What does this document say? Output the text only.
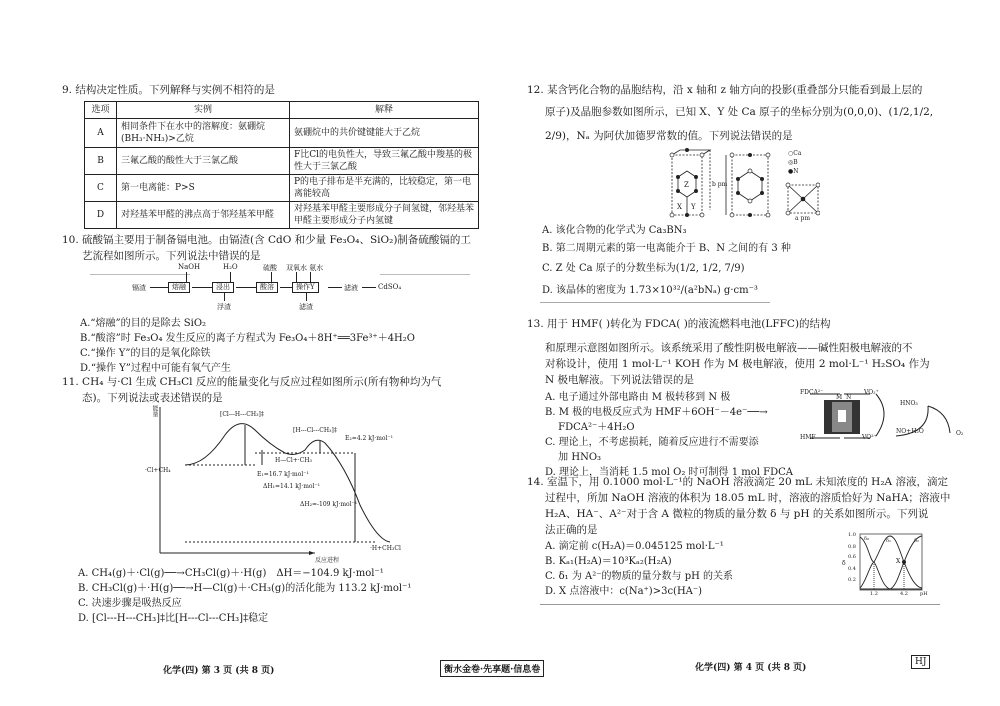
9. 结构决定性质。下列解释与实例不相符的是
选项	实例	解释
A	相同条件下在水中的溶解度：氨硼烷(BH₃·NH₃)>乙烷	氨硼烷中的共价键键能大于乙烷
B	三氟乙酸的酸性大于三氯乙酸	F比Cl的电负性大，导致三氟乙酸中羧基的极性大于三氯乙酸
C	第一电离能：P>S	P的电子排布是半充满的，比较稳定，第一电离能较高
D	对羟基苯甲醛的沸点高于邻羟基苯甲醛	对羟基苯甲醛主要形成分子间氢键，邻羟基苯甲醛主要形成分子内氢键
10. 硫酸镉主要用于制备镉电池。由镉渣(含 CdO 和少量 Fe₃O₄、SiO₂)制备硫酸镉的工
艺流程如图所示。下列说法中错误的是
NaOH	H₂O	硫酸 双氧水 氨水
镉渣	熔融	浸出	酸溶	操作Y	滤液	CdSO₄
浮渣	滤渣
A.“熔融”的目的是除去 SiO₂
B.“酸溶”时 Fe₃O₄ 发生反应的离子方程式为 Fe₃O₄＋8H⁺══3Fe³⁺＋4H₂O
C.“操作 Y”的目的是氧化除铁
D.“操作 Y”过程中可能有氧气产生
11. CH₄ 与·Cl 生成 CH₃Cl 反应的能量变化与反应过程如图所示(所有物种均为气
态)。下列说法或表述错误的是
能量	[Cl---H---CH₃]‡
[H---Cl---CH₃]‡
E₂=4.2 kJ·mol⁻¹
·Cl+CH₄
H—Cl+·CH₃
E₁=16.7 kJ·mol⁻¹
ΔH₁=14.1 kJ·mol⁻¹
ΔH₂=-109 kJ·mol⁻¹
·H+CH₃Cl
反应进程
A. CH₄(g)＋·Cl(g)──→CH₃Cl(g)＋·H(g)　ΔH＝−104.9 kJ·mol⁻¹
B. CH₃Cl(g)＋·H(g)──→H—Cl(g)＋·CH₃(g)的活化能为 113.2 kJ·mol⁻¹
C. 决速步骤是吸热反应
D. [Cl---H---CH₃]‡比[H---Cl---CH₃]‡稳定
化学(四) 第 3 页 (共 8 页)	衡水金卷·先享题·信息卷
12. 某含钙化合物的晶胞结构，沿 x 轴和 z 轴方向的投影(重叠部分只能看到最上层的
原子)及晶胞参数如图所示，已知 X、Y 处 Ca 原子的坐标分别为(0,0,0)、(1/2,1/2,
2/9)，Nₐ 为阿伏加德罗常数的值。下列说法错误的是
Z
X Y
b pm
a pm
○Ca
◎B
●N
A. 该化合物的化学式为 Ca₃BN₃
B. 第二周期元素的第一电离能介于 B、N 之间的有 3 种
C. Z 处 Ca 原子的分数坐标为(1/2, 1/2, 7/9)
D. 该晶体的密度为 1.73×10³²/(a²bNₐ) g·cm⁻³
13. 用于 HMF( )转化为 FDCA( )的液流燃料电池(LFFC)的结构
和原理示意图如图所示。该系统采用了酸性阴极电解液——碱性阳极电解液的不
对称设计，使用 1 mol·L⁻¹ KOH 作为 M 极电解液，使用 2 mol·L⁻¹ H₂SO₄ 作为
N 极电解液。下列说法错误的是
A. 电子通过外部电路由 M 极转移到 N 极
B. M 极的电极反应式为 HMF＋6OH⁻－4e⁻──→
　 FDCA²⁻＋4H₂O
C. 理论上，不考虑损耗，随着反应进行不需要添
　 加 HNO₃
D. 理论上，当消耗 1.5 mol O₂ 时可制得 1 mol FDCA
FDCA²⁻
M N
VO₂⁺
HMF	VO²⁺
HNO₃
NO+H₂O	O₂
14. 室温下，用 0.1000 mol·L⁻¹的 NaOH 溶液滴定 20 mL 未知浓度的 H₂A 溶液，滴定
过程中，所加 NaOH 溶液的体积为 18.05 mL 时，溶液的溶质恰好为 NaHA；溶液中
H₂A、HA⁻、A²⁻对于含 A 微粒的物质的量分数 δ 与 pH 的关系如图所示。下列说
法正确的是
A. 滴定前 c(H₂A)＝0.045125 mol·L⁻¹
B. Kₐ₁(H₂A)＝10³Kₐ₂(H₂A)
C. δ₁ 为 A²⁻的物质的量分数与 pH 的关系
D. X 点溶液中：c(Na⁺)>3c(HA⁻)
1.0
0.8
0.6
0.4
0.2
δ
1.2	4.2 pH
δ₀	δ₁	δ₂
X
化学(四) 第 4 页 (共 8 页)
HJ
